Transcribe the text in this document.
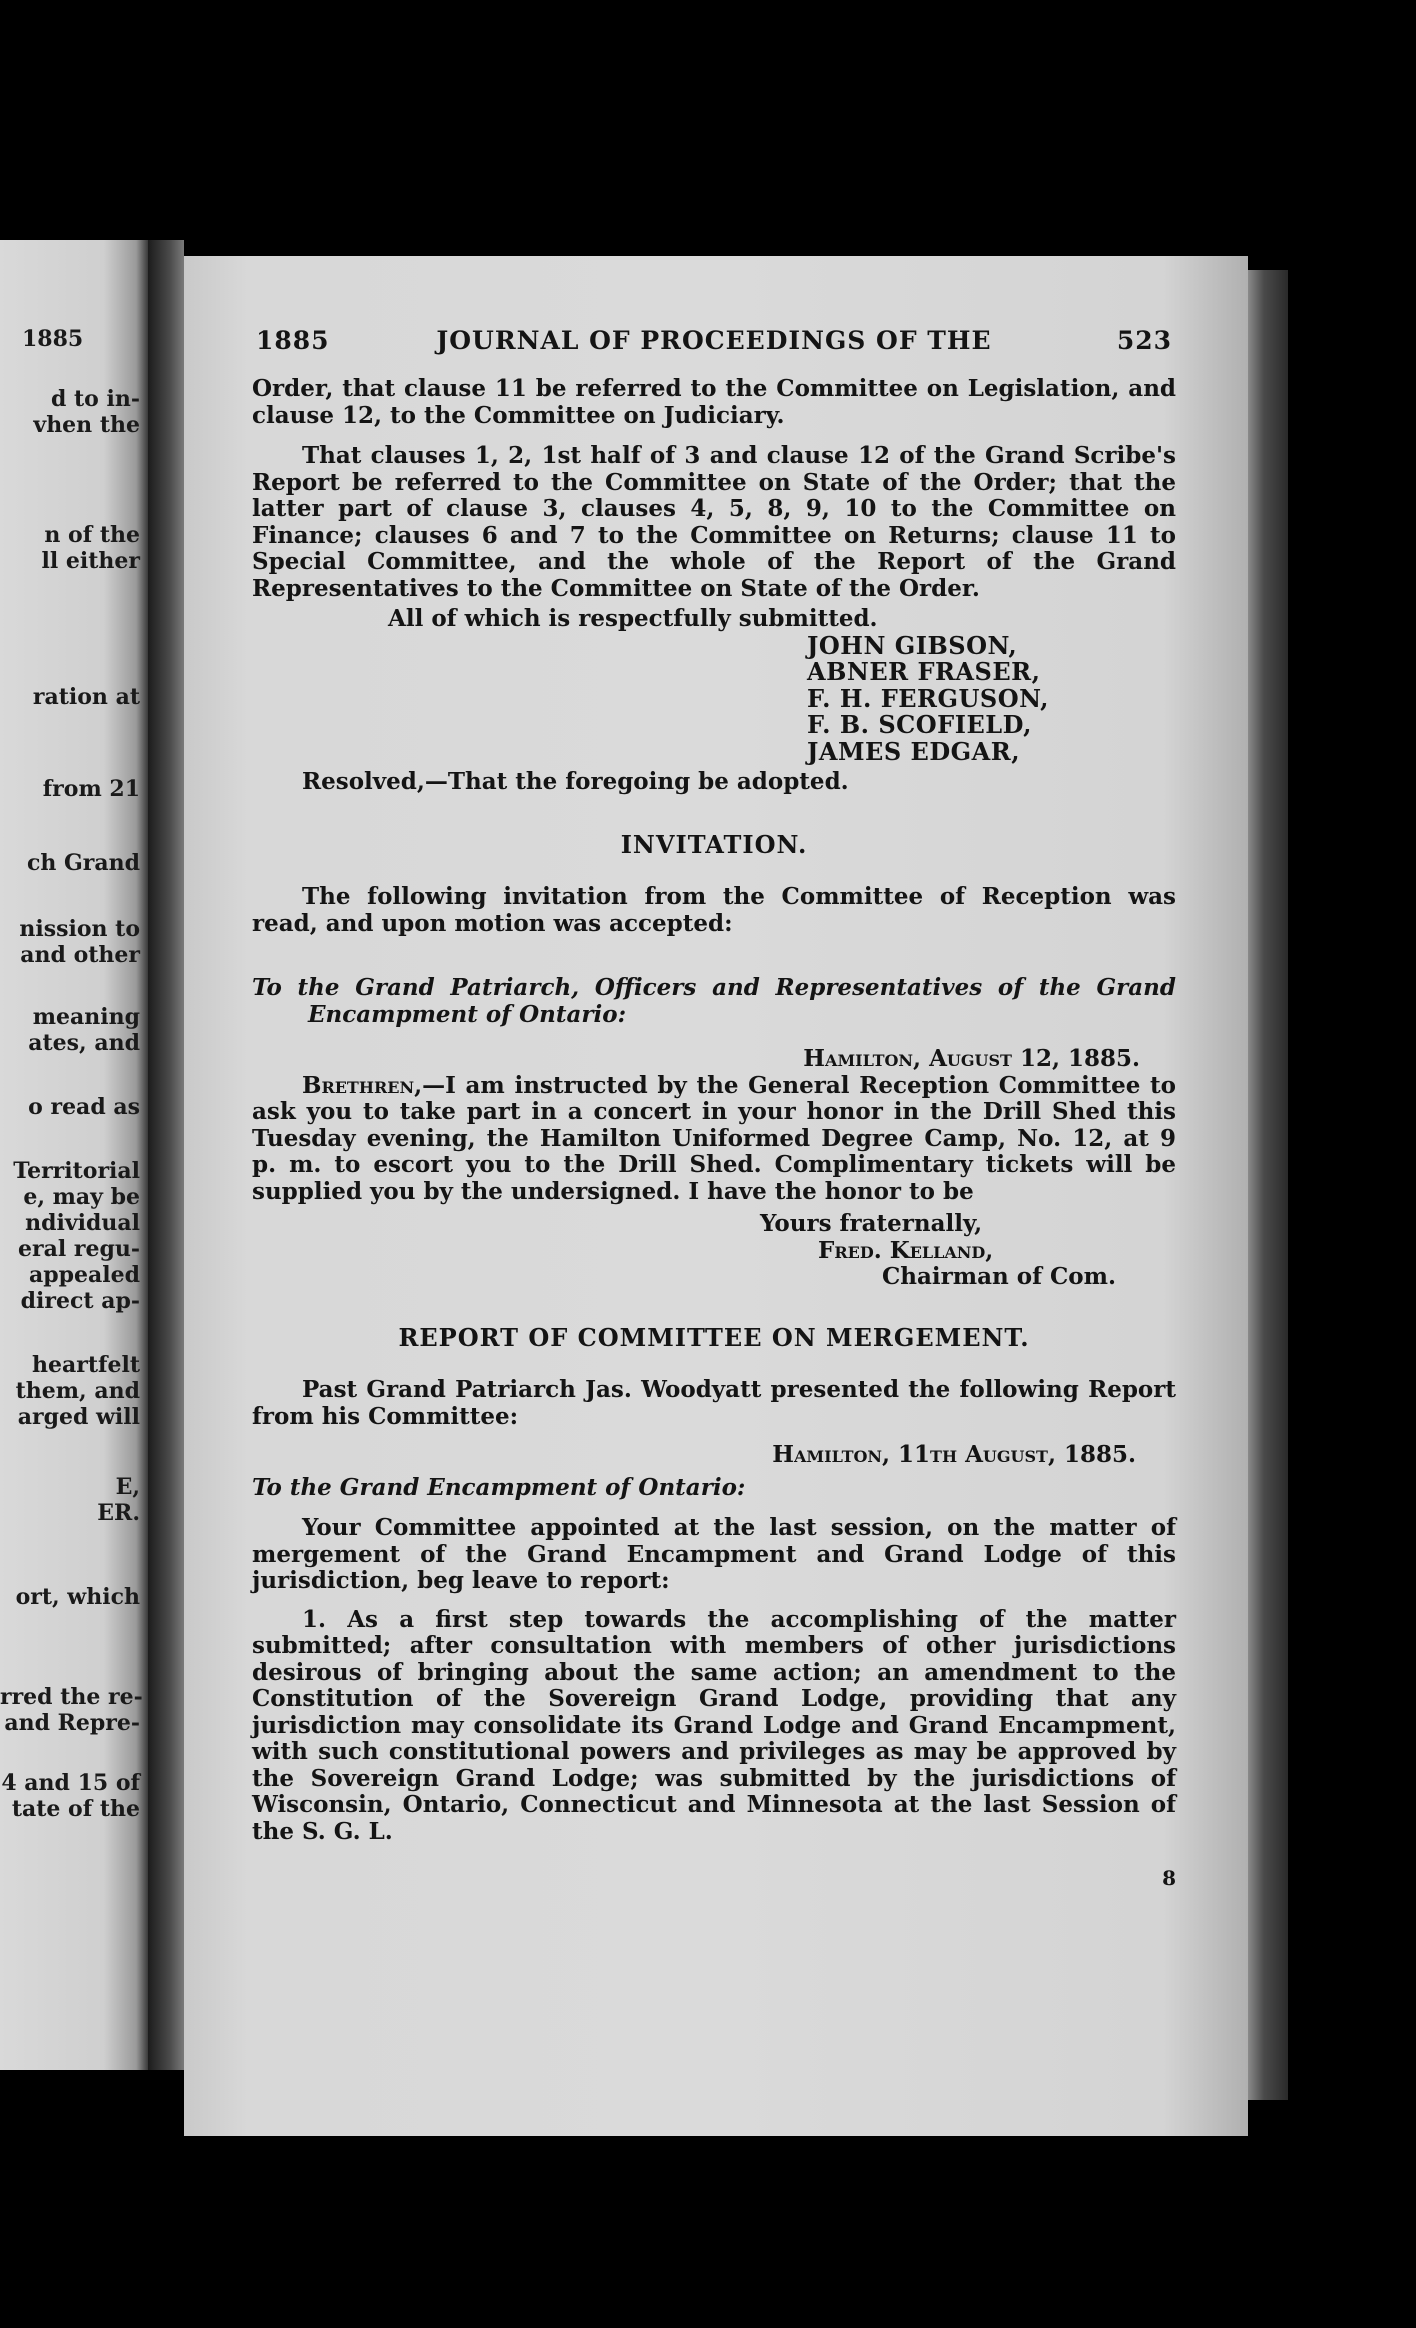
1885
d to in-
vhen the
n of the
ll either
ration at
from 21
ch Grand
nission to
and other
meaning
ates, and
o read as
Territorial
e, may be
ndividual
eral regu-
appealed
direct ap-
heartfelt
them, and
arged will
E,
ER.
ort, which
rred the re-
and Repre-
4 and 15 of
tate of the
1885	JOURNAL OF PROCEEDINGS OF THE	523

Order, that clause 11 be referred to the Committee on Legislation, and clause 12, to the Committee on Judiciary.

That clauses 1, 2, 1st half of 3 and clause 12 of the Grand Scribe's Report be referred to the Committee on State of the Order; that the latter part of clause 3, clauses 4, 5, 8, 9, 10 to the Committee on Finance; clauses 6 and 7 to the Committee on Returns; clause 11 to Special Committee, and the whole of the Report of the Grand Representatives to the Committee on State of the Order.

All of which is respectfully submitted.

JOHN GIBSON,
ABNER FRASER,
F. H. FERGUSON,
F. B. SCOFIELD,
JAMES EDGAR,

Resolved,—That the foregoing be adopted.

INVITATION.

The following invitation from the Committee of Reception was read, and upon motion was accepted:

To the Grand Patriarch, Officers and Representatives of the Grand Encampment of Ontario:

Hamilton, August 12, 1885.

Brethren,—I am instructed by the General Reception Committee to ask you to take part in a concert in your honor in the Drill Shed this Tuesday evening, the Hamilton Uniformed Degree Camp, No. 12, at 9 p. m. to escort you to the Drill Shed. Complimentary tickets will be supplied you by the undersigned. I have the honor to be

Yours fraternally,

Fred. Kelland,

Chairman of Com.

REPORT OF COMMITTEE ON MERGEMENT.

Past Grand Patriarch Jas. Woodyatt presented the following Report from his Committee:

Hamilton, 11th August, 1885.

To the Grand Encampment of Ontario:

Your Committee appointed at the last session, on the matter of mergement of the Grand Encampment and Grand Lodge of this jurisdiction, beg leave to report:

1. As a first step towards the accomplishing of the matter submitted; after consultation with members of other jurisdictions desirous of bringing about the same action; an amendment to the Constitution of the Sovereign Grand Lodge, providing that any jurisdiction may consolidate its Grand Lodge and Grand Encampment, with such constitutional powers and privileges as may be approved by the Sovereign Grand Lodge; was submitted by the jurisdictions of Wisconsin, Ontario, Connecticut and Minnesota at the last Session of the S. G. L.

8
